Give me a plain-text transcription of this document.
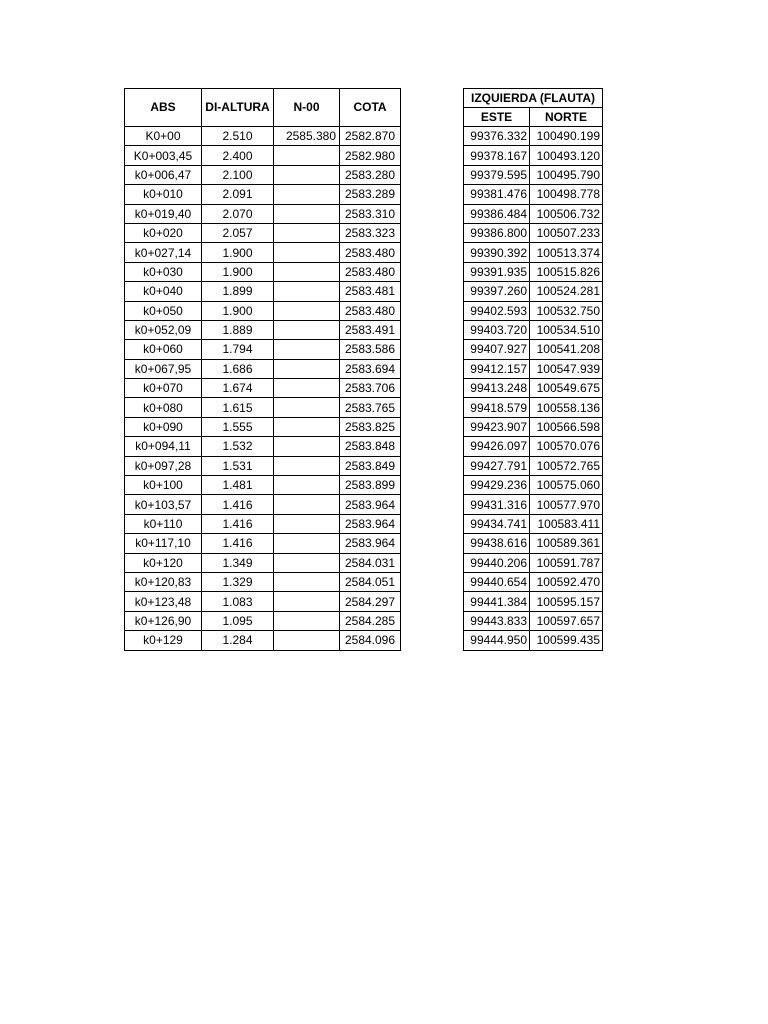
ABS	DI-ALTURA	N-00	COTA
K0+00	2.510	2585.380	2582.870
K0+003,45	2.400		2582.980
k0+006,47	2.100		2583.280
k0+010	2.091		2583.289
k0+019,40	2.070		2583.310
k0+020	2.057		2583.323
k0+027,14	1.900		2583.480
k0+030	1.900		2583.480
k0+040	1.899		2583.481
k0+050	1.900		2583.480
k0+052,09	1.889		2583.491
k0+060	1.794		2583.586
k0+067,95	1.686		2583.694
k0+070	1.674		2583.706
k0+080	1.615		2583.765
k0+090	1.555		2583.825
k0+094,11	1.532		2583.848
k0+097,28	1.531		2583.849
k0+100	1.481		2583.899
k0+103,57	1.416		2583.964
k0+110	1.416		2583.964
k0+117,10	1.416		2583.964
k0+120	1.349		2584.031
k0+120,83	1.329		2584.051
k0+123,48	1.083		2584.297
k0+126,90	1.095		2584.285
k0+129	1.284		2584.096
IZQUIERDA (FLAUTA)	
ESTE	NORTE
99376.332	100490.199
99378.167	100493.120
99379.595	100495.790
99381.476	100498.778
99386.484	100506.732
99386.800	100507.233
99390.392	100513.374
99391.935	100515.826
99397.260	100524.281
99402.593	100532.750
99403.720	100534.510
99407.927	100541.208
99412.157	100547.939
99413.248	100549.675
99418.579	100558.136
99423.907	100566.598
99426.097	100570.076
99427.791	100572.765
99429.236	100575.060
99431.316	100577.970
99434.741	100583.411
99438.616	100589.361
99440.206	100591.787
99440.654	100592.470
99441.384	100595.157
99443.833	100597.657
99444.950	100599.435
